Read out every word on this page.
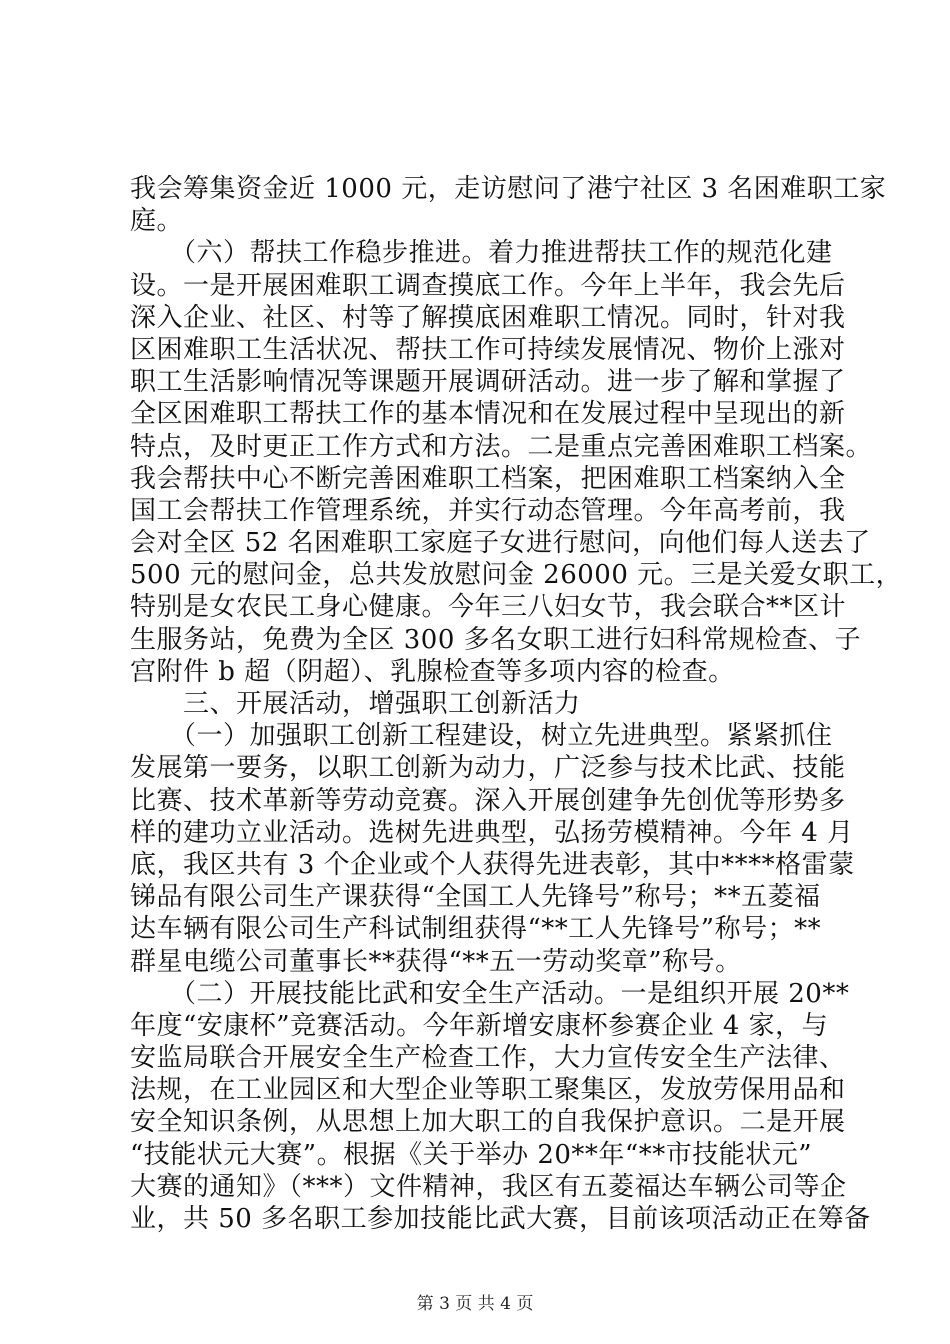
我会筹集资金近 1000 元，走访慰问了港宁社区 3 名困难职工家
庭。
　　（六）帮扶工作稳步推进。着力推进帮扶工作的规范化建
设。一是开展困难职工调查摸底工作。今年上半年，我会先后
深入企业、社区、村等了解摸底困难职工情况。同时，针对我
区困难职工生活状况、帮扶工作可持续发展情况、物价上涨对
职工生活影响情况等课题开展调研活动。进一步了解和掌握了
全区困难职工帮扶工作的基本情况和在发展过程中呈现出的新
特点，及时更正工作方式和方法。二是重点完善困难职工档案。
我会帮扶中心不断完善困难职工档案，把困难职工档案纳入全
国工会帮扶工作管理系统，并实行动态管理。今年高考前，我
会对全区 52 名困难职工家庭子女进行慰问，向他们每人送去了
500 元的慰问金，总共发放慰问金 26000 元。三是关爱女职工，
特别是女农民工身心健康。今年三八妇女节，我会联合**区计
生服务站，免费为全区 300 多名女职工进行妇科常规检查、子
宫附件 b 超（阴超）、乳腺检查等多项内容的检查。
　　三、开展活动，增强职工创新活力
　　（一）加强职工创新工程建设，树立先进典型。紧紧抓住
发展第一要务，以职工创新为动力，广泛参与技术比武、技能
比赛、技术革新等劳动竞赛。深入开展创建争先创优等形势多
样的建功立业活动。选树先进典型，弘扬劳模精神。今年 4 月
底，我区共有 3 个企业或个人获得先进表彰，其中****格雷蒙
锑品有限公司生产课获得“全国工人先锋号”称号；**五菱福
达车辆有限公司生产科试制组获得“**工人先锋号”称号；**
群星电缆公司董事长**获得“**五一劳动奖章”称号。
　　（二）开展技能比武和安全生产活动。一是组织开展 20**
年度“安康杯”竞赛活动。今年新增安康杯参赛企业 4 家，与
安监局联合开展安全生产检查工作，大力宣传安全生产法律、
法规，在工业园区和大型企业等职工聚集区，发放劳保用品和
安全知识条例，从思想上加大职工的自我保护意识。二是开展
“技能状元大赛”。根据《关于举办 20**年“**市技能状元”
大赛的通知》（***）文件精神，我区有五菱福达车辆公司等企
业，共 50 多名职工参加技能比武大赛，目前该项活动正在筹备
第 3 页 共 4 页
